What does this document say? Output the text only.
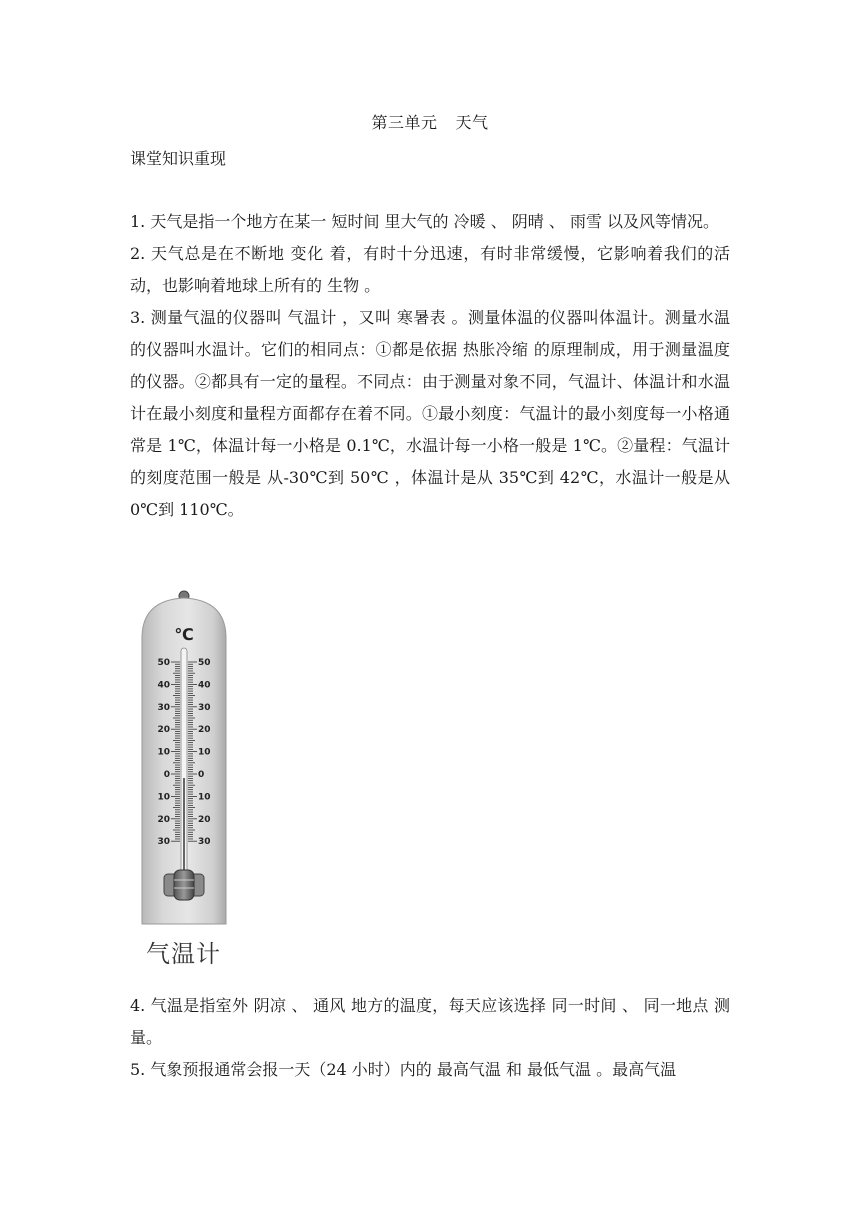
第三单元 天气
课堂知识重现

1. 天气是指一个地方在某一 短时间 里大气的 冷暖 、 阴晴 、 雨雪 以及风等情况。

2. 天气总是在不断地 变化 着，有时十分迅速，有时非常缓慢，它影响着我们的活动，也影响着地球上所有的 生物 。

3. 测量气温的仪器叫 气温计 ，又叫 寒暑表 。测量体温的仪器叫体温计。测量水温的仪器叫水温计。它们的相同点：①都是依据 热胀冷缩 的原理制成，用于测量温度的仪器。②都具有一定的量程。不同点：由于测量对象不同，气温计、体温计和水温计在最小刻度和量程方面都存在着不同。①最小刻度：气温计的最小刻度每一小格通常是 1℃，体温计每一小格是 0.1℃，水温计每一小格一般是 1℃。②量程：气温计的刻度范围一般是 从-30℃到 50℃ ，体温计是从 35℃到 42℃，水温计一般是从 0℃到 110℃。

℃
50
40
30
20
10
0
10
20
30
50
40
30
20
10
0
10
20
30
气温计

4. 气温是指室外 阴凉 、 通风 地方的温度，每天应该选择 同一时间 、 同一地点 测量。

5. 气象预报通常会报一天（24 小时）内的 最高气温 和 最低气温 。最高气温
